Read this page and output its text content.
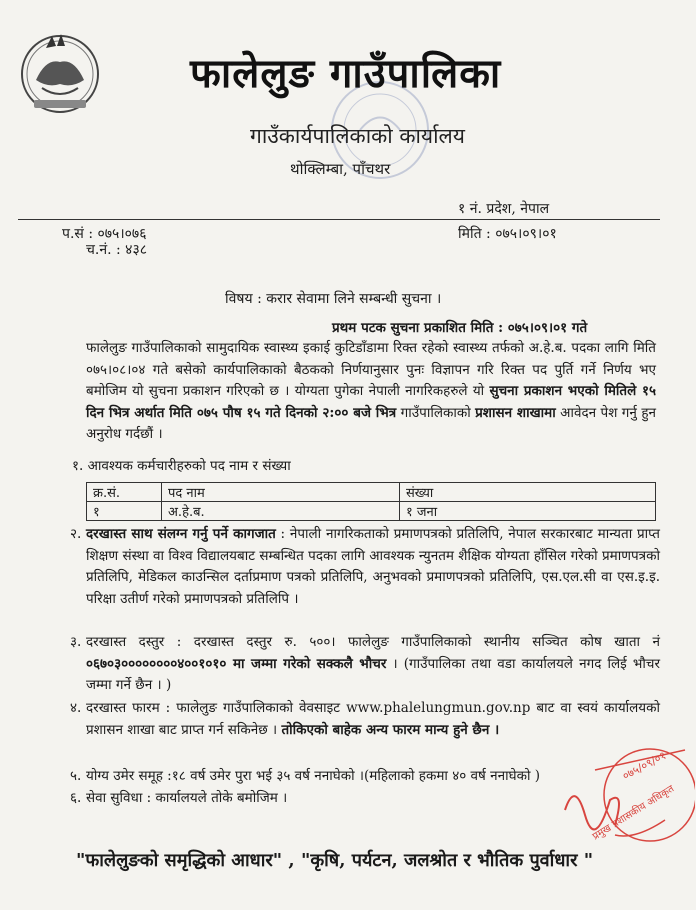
फालेलुङ गाउँपालिका
गाउँकार्यपालिकाको कार्यालय
थोक्लिम्बा, पाँचथर
१ नं. प्रदेश, नेपाल
प.सं : ०७५।०७६
च.नं. : ४३८
मिति : ०७५।०९।०१
विषय : करार सेवामा लिने सम्बन्धी सुचना ।
प्रथम पटक सुचना प्रकाशित मिति : ०७५।०९।०१ गते
फालेलुङ गाउँपालिकाको सामुदायिक स्वास्थ्य इकाई कुटिडाँडामा रिक्त रहेको स्वास्थ्य तर्फको अ.हे.ब. पदका लागि मिति ०७५।०८।०४ गते बसेको कार्यपालिकाको बैठकको निर्णयानुसार पुनः विज्ञापन गरि रिक्त पद पुर्ति गर्ने निर्णय भए बमोजिम यो सुचना प्रकाशन गरिएको छ । योग्यता पुगेका नेपाली नागरिकहरुले यो सुचना प्रकाशन भएको मितिले १५ दिन भित्र अर्थात मिति ०७५ पौष १५ गते दिनको २:०० बजे भित्र गाउँपालिकाको प्रशासन शाखामा आवेदन पेश गर्नु हुन अनुरोध गर्दछौं ।
१. आवश्यक कर्मचारीहरुको पद नाम र संख्या
क्र.सं.	पद नाम	संख्या
१	अ.हे.ब.	१ जना
२. दरखास्त साथ संलग्न गर्नु पर्ने कागजात : नेपाली नागरिकताको प्रमाणपत्रको प्रतिलिपि, नेपाल सरकारबाट मान्यता प्राप्त शिक्षण संस्था वा विश्व विद्यालयबाट सम्बन्धित पदका लागि आवश्यक न्युनतम शैक्षिक योग्यता हाँसिल गरेको प्रमाणपत्रको प्रतिलिपि, मेडिकल काउन्सिल दर्ताप्रमाण पत्रको प्रतिलिपि, अनुभवको प्रमाणपत्रको प्रतिलिपि, एस.एल.सी वा एस.इ.इ. परिक्षा उतीर्ण गरेको प्रमाणपत्रको प्रतिलिपि ।
३. दरखास्त दस्तुर : दरखास्त दस्तुर रु. ५००। फालेलुङ गाउँपालिकाको स्थानीय सञ्चित कोष खाता नं ०६७०३००००००००४००१०१० मा जम्मा गरेको सक्कलै भौचर । (गाउँपालिका तथा वडा कार्यालयले नगद लिई भौचर जम्मा गर्ने छैन । )
४. दरखास्त फारम : फालेलुङ गाउँपालिकाको वेवसाइट www.phalelungmun.gov.np बाट वा स्वयं कार्यालयको प्रशासन शाखा बाट प्राप्त गर्न सकिनेछ । तोकिएको बाहेक अन्य फारम मान्य हुने छैन ।
५. योग्य उमेर समूह :१८ वर्ष उमेर पुरा भई ३५ वर्ष ननाघेको ।(महिलाको हकमा ४० वर्ष ननाघेको )
६. सेवा सुविधा : कार्यालयले तोके बमोजिम ।
०७५/०९/०१
प्रमुख प्रशासकीय अधिकृत
"फालेलुङको समृद्धिको आधार" , "कृषि, पर्यटन, जलश्रोत र भौतिक पुर्वाधार "
